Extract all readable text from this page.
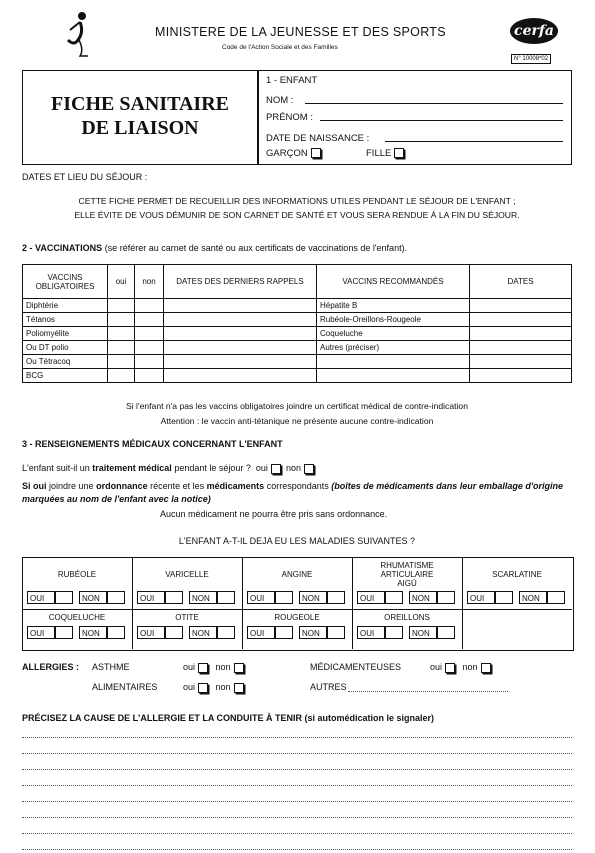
MINISTERE DE LA JEUNESSE ET DES SPORTS
Code de l'Action Sociale et des Familles
cerfa
N° 10008*02
FICHE SANITAIRE
DE LIAISON
1 - ENFANT
NOM :
PRÉNOM :
DATE DE NAISSANCE :
GARÇON	FILLE
DATES ET LIEU DU SÉJOUR :
CETTE FICHE PERMET DE RECUEILLIR DES INFORMATIONS UTILES PENDANT LE SÉJOUR DE L'ENFANT ;
ELLE ÉVITE DE VOUS DÉMUNIR DE SON CARNET DE SANTÉ ET VOUS SERA RENDUE À LA FIN DU SÉJOUR.
2 - VACCINATIONS (se référer au carnet de santé ou aux certificats de vaccinations de l'enfant).
VACCINS OBLIGATOIRES	oui	non	DATES DES DERNIERS RAPPELS	VACCINS RECOMMANDÉS	DATES
Diphtérie				Hépatite B	
Tétanos				Rubéole-Oreillons-Rougeole	
Poliomyélite				Coqueluche	
Ou DT polio				Autres (préciser)	
Ou Tétracoq					
BCG					
Si l'enfant n'a pas les vaccins obligatoires joindre un certificat médical de contre-indication
Attention : le vaccin anti-tétanique ne présente aucune contre-indication
3 - RENSEIGNEMENTS MÉDICAUX CONCERNANT L'ENFANT
L'enfant suit-il un traitement médical pendant le séjour ? oui non
Si oui joindre une ordonnance récente et les médicaments correspondants (boîtes de médicaments dans leur emballage d'origine marquées au nom de l'enfant avec la notice)
Aucun médicament ne pourra être pris sans ordonnance.
L'ENFANT A-T-IL DEJA EU LES MALADIES SUIVANTES ?
RUBÉOLE
OUI	NON
VARICELLE
OUI	NON
ANGINE
OUI	NON
RHUMATISME ARTICULAIRE AIGÜ
OUI	NON
SCARLATINE
OUI	NON
COQUELUCHE
OUI	NON
OTITE
OUI	NON
ROUGEOLE
OUI	NON
OREILLONS
OUI	NON
ALLERGIES : ASTHME	oui non	MÉDICAMENTEUSES	oui non
ALIMENTAIRES	oui non	AUTRES
PRÉCISEZ LA CAUSE DE L'ALLERGIE ET LA CONDUITE À TENIR (si automédication le signaler)
